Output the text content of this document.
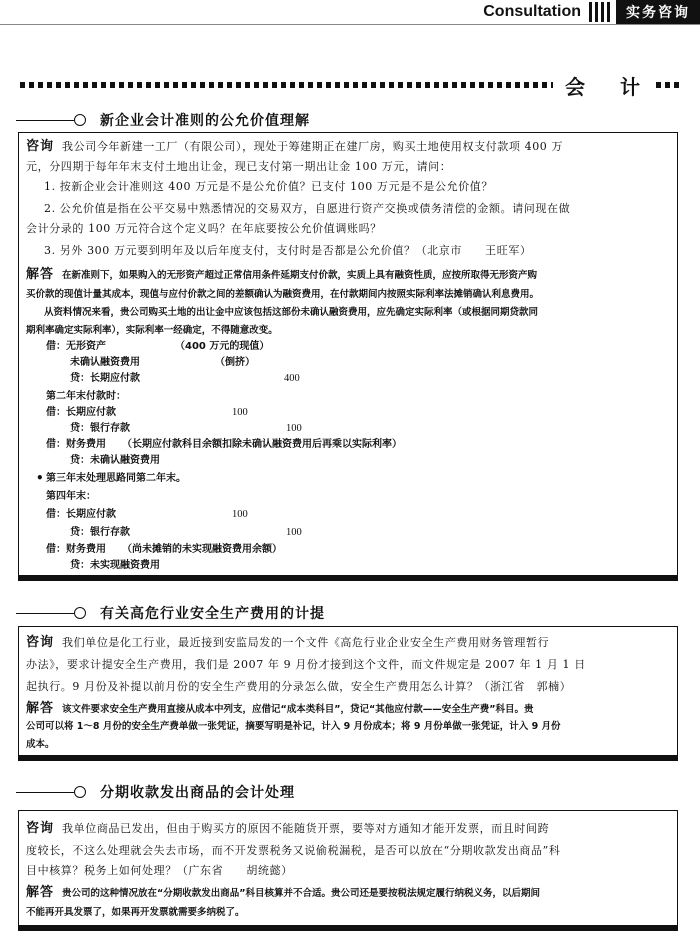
Consultation	实务咨询
会 计
新企业会计准则的公允价值理解
咨询 我公司今年新建一工厂（有限公司），现处于筹建期正在建厂房，购买土地使用权支付款项 400 万
元，分四期于每年年末支付土地出让金，现已支付第一期出让金 100 万元，请问：
1. 按新企业会计准则这 400 万元是不是公允价值？已支付 100 万元是不是公允价值？
2. 公允价值是指在公平交易中熟悉情况的交易双方，自愿进行资产交换或债务清偿的金额。请问现在做
会计分录的 100 万元符合这个定义吗？在年底要按公允价值调账吗？
3. 另外 300 万元要到明年及以后年度支付，支付时是否都是公允价值？（北京市　　王旺军）
解答 在新准则下，如果购入的无形资产超过正常信用条件延期支付价款，实质上具有融资性质，应按所取得无形资产购
买价款的现值计量其成本，现值与应付价款之间的差额确认为融资费用，在付款期间内按照实际利率法摊销确认利息费用。
从资料情况来看，贵公司购买土地的出让金中应该包括这部份未确认融资费用，应先确定实际利率（或根据同期贷款同
期利率确定实际利率），实际利率一经确定，不得随意改变。
借：无形资产	（400 万元的现值）
未确认融资费用	（倒挤）
贷：长期应付款	400
第二年末付款时：
借：长期应付款	100
贷：银行存款	100
借：财务费用 （长期应付款科目余额扣除未确认融资费用后再乘以实际利率）
贷：未确认融资费用
• 第三年末处理思路同第二年末。
第四年末：
借：长期应付款	100
贷：银行存款	100
借：财务费用 （尚未摊销的未实现融资费用余额）
贷：未实现融资费用
有关高危行业安全生产费用的计提
咨询 我们单位是化工行业，最近接到安监局发的一个文件《高危行业企业安全生产费用财务管理暂行
办法》，要求计提安全生产费用，我们是 2007 年 9 月份才接到这个文件，而文件规定是 2007 年 1 月 1 日
起执行。9 月份及补提以前月份的安全生产费用的分录怎么做，安全生产费用怎么计算？（浙江省　郭楠）
解答 该文件要求安全生产费用直接从成本中列支，应借记“成本类科目”，贷记“其他应付款——安全生产费”科目。贵
公司可以将 1～8 月份的安全生产费单做一张凭证，摘要写明是补记，计入 9 月份成本；将 9 月份单做一张凭证，计入 9 月份
成本。
分期收款发出商品的会计处理
咨询 我单位商品已发出，但由于购买方的原因不能随货开票，要等对方通知才能开发票，而且时间跨
度较长，不这么处理就会失去市场，而不开发票税务又说偷税漏税，是否可以放在“分期收款发出商品”科
目中核算？税务上如何处理？（广东省　　胡统懿）
解答 贵公司的这种情况放在“分期收款发出商品”科目核算并不合适。贵公司还是要按税法规定履行纳税义务，以后期间
不能再开具发票了，如果再开发票就需要多纳税了。
